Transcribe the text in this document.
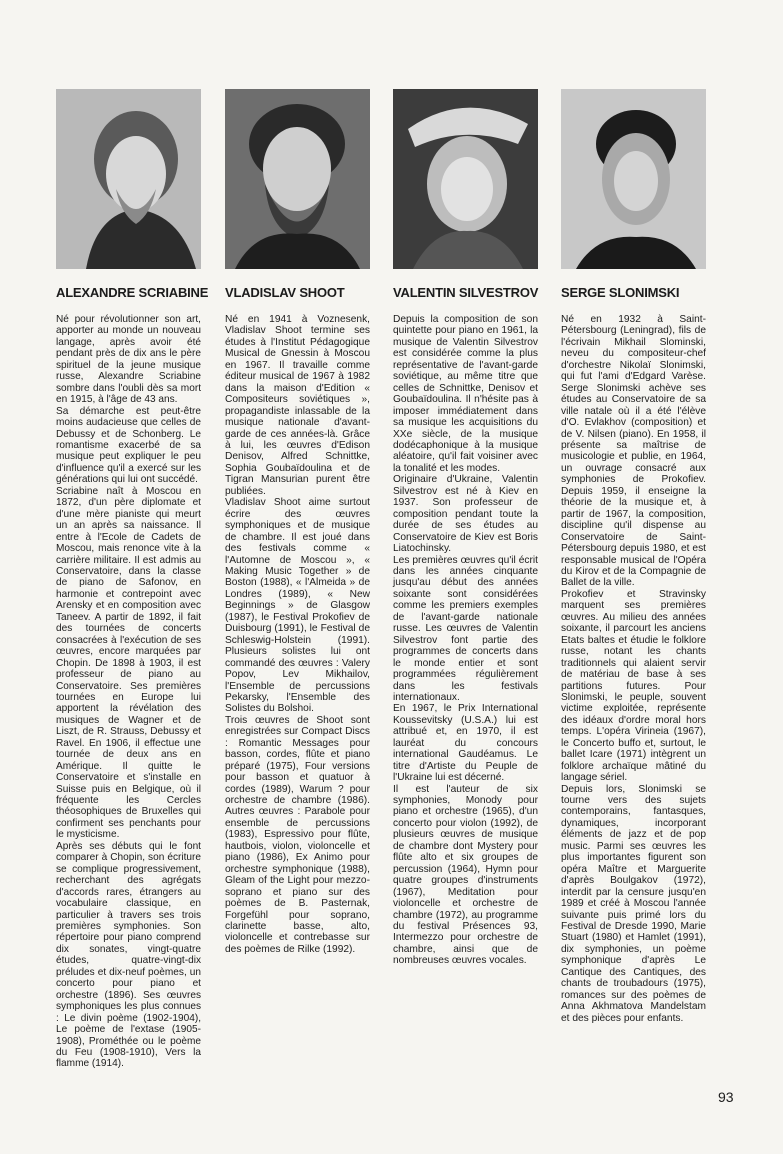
ALEXANDRE SCRIABINE

Né pour révolutionner son art, apporter au monde un nouveau langage, après avoir été pendant près de dix ans le père spirituel de la jeune musique russe, Alexandre Scriabine sombre dans l'oubli dès sa mort en 1915, à l'âge de 43 ans.

Sa démarche est peut-être moins audacieuse que celles de Debussy et de Schonberg. Le romantisme exacerbé de sa musique peut expliquer le peu d'influence qu'il a exercé sur les générations qui lui ont succédé.

Scriabine naît à Moscou en 1872, d'un père diplomate et d'une mère pianiste qui meurt un an après sa naissance. Il entre à l'Ecole de Cadets de Moscou, mais renonce vite à la carrière militaire. Il est admis au Conservatoire, dans la classe de piano de Safonov, en harmonie et contrepoint avec Arensky et en composition avec Taneev. A partir de 1892, il fait des tournées de concerts consacrées à l'exécution de ses œuvres, encore marquées par Chopin. De 1898 à 1903, il est professeur de piano au Conservatoire. Ses premières tournées en Europe lui apportent la révélation des musiques de Wagner et de Liszt, de R. Strauss, Debussy et Ravel. En 1906, il effectue une tournée de deux ans en Amérique. Il quitte le Conservatoire et s'installe en Suisse puis en Belgique, où il fréquente les Cercles théosophiques de Bruxelles qui confirment ses penchants pour le mysticisme.

Après ses débuts qui le font comparer à Chopin, son écriture se complique progressivement, recherchant des agrégats d'accords rares, étrangers au vocabulaire classique, en particulier à travers ses trois premières symphonies. Son répertoire pour piano comprend dix sonates, vingt-quatre études, quatre-vingt-dix préludes et dix-neuf poèmes, un concerto pour piano et orchestre (1896). Ses œuvres symphoniques les plus connues : Le divin poème (1902-1904), Le poème de l'extase (1905-1908), Prométhée ou le poème du Feu (1908-1910), Vers la flamme (1914).

VLADISLAV SHOOT

Né en 1941 à Voznesenk, Vladislav Shoot termine ses études à l'Institut Pédagogique Musical de Gnessin à Moscou en 1967. Il travaille comme éditeur musical de 1967 à 1982 dans la maison d'Edition « Compositeurs soviétiques », propagandiste inlassable de la musique nationale d'avant-garde de ces années-là. Grâce à lui, les œuvres d'Edison Denisov, Alfred Schnittke, Sophia Goubaïdoulina et de Tigran Mansurian purent être publiées.

Vladislav Shoot aime surtout écrire des œuvres symphoniques et de musique de chambre. Il est joué dans des festivals comme « l'Automne de Moscou », « Making Music Together » de Boston (1988), « l'Almeida » de Londres (1989), « New Beginnings » de Glasgow (1987), le Festival Prokofiev de Duisbourg (1991), le Festival de Schleswig-Holstein (1991). Plusieurs solistes lui ont commandé des œuvres : Valery Popov, Lev Mikhailov, l'Ensemble de percussions Pekarsky, l'Ensemble des Solistes du Bolshoi.

Trois œuvres de Shoot sont enregistrées sur Compact Discs : Romantic Messages pour basson, cordes, flûte et piano préparé (1975), Four versions pour basson et quatuor à cordes (1989), Warum ? pour orchestre de chambre (1986). Autres œuvres : Parabole pour ensemble de percussions (1983), Espressivo pour flûte, hautbois, violon, violoncelle et piano (1986), Ex Animo pour orchestre symphonique (1988), Gleam of the Light pour mezzo-soprano et piano sur des poèmes de B. Pasternak, Forgefühl pour soprano, clarinette basse, alto, violoncelle et contrebasse sur des poèmes de Rilke (1992).

VALENTIN SILVESTROV

Depuis la composition de son quintette pour piano en 1961, la musique de Valentin Silvestrov est considérée comme la plus représentative de l'avant-garde soviétique, au même titre que celles de Schnittke, Denisov et Goubaïdoulina. Il n'hésite pas à imposer immédiatement dans sa musique les acquisitions du XXe siècle, de la musique dodécaphonique à la musique aléatoire, qu'il fait voisiner avec la tonalité et les modes.

Originaire d'Ukraine, Valentin Silvestrov est né à Kiev en 1937. Son professeur de composition pendant toute la durée de ses études au Conservatoire de Kiev est Boris Liatochinsky.

Les premières œuvres qu'il écrit dans les années cinquante jusqu'au début des années soixante sont considérées comme les premiers exemples de l'avant-garde nationale russe. Les œuvres de Valentin Silvestrov font partie des programmes de concerts dans le monde entier et sont programmées régulièrement dans les festivals internationaux.

En 1967, le Prix International Koussevitsky (U.S.A.) lui est attribué et, en 1970, il est lauréat du concours international Gaudéamus. Le titre d'Artiste du Peuple de l'Ukraine lui est décerné.

Il est l'auteur de six symphonies, Monody pour piano et orchestre (1965), d'un concerto pour violon (1992), de plusieurs œuvres de musique de chambre dont Mystery pour flûte alto et six groupes de percussion (1964), Hymn pour quatre groupes d'instruments (1967), Meditation pour violoncelle et orchestre de chambre (1972), au programme du festival Présences 93, Intermezzo pour orchestre de chambre, ainsi que de nombreuses œuvres vocales.

SERGE SLONIMSKI

Né en 1932 à Saint-Pétersbourg (Leningrad), fils de l'écrivain Mikhail Slominski, neveu du compositeur-chef d'orchestre Nikolaï Slonimski, qui fut l'ami d'Edgard Varèse. Serge Slonimski achève ses études au Conservatoire de sa ville natale où il a été l'élève d'O. Evlakhov (composition) et de V. Nilsen (piano). En 1958, il présente sa maîtrise de musicologie et publie, en 1964, un ouvrage consacré aux symphonies de Prokofiev. Depuis 1959, il enseigne la théorie de la musique et, à partir de 1967, la composition, discipline qu'il dispense au Conservatoire de Saint-Pétersbourg depuis 1980, et est responsable musical de l'Opéra du Kirov et de la Compagnie de Ballet de la ville.

Prokofiev et Stravinsky marquent ses premières œuvres. Au milieu des années soixante, il parcourt les anciens Etats baltes et étudie le folklore russe, notant les chants traditionnels qui alaient servir de matériau de base à ses partitions futures. Pour Slonimski, le peuple, souvent victime exploitée, représente des idéaux d'ordre moral hors temps. L'opéra Virineia (1967), le Concerto buffo et, surtout, le ballet Icare (1971) intègrent un folklore archaïque mâtiné du langage sériel.

Depuis lors, Slonimski se tourne vers des sujets contemporains, fantasques, dynamiques, incorporant éléments de jazz et de pop music. Parmi ses œuvres les plus importantes figurent son opéra Maître et Marguerite d'après Boulgakov (1972), interdit par la censure jusqu'en 1989 et créé à Moscou l'année suivante puis primé lors du Festival de Dresde 1990, Marie Stuart (1980) et Hamlet (1991), dix symphonies, un poème symphonique d'après Le Cantique des Cantiques, des chants de troubadours (1975), romances sur des poèmes de Anna Akhmatova Mandelstam et des pièces pour enfants.

93
